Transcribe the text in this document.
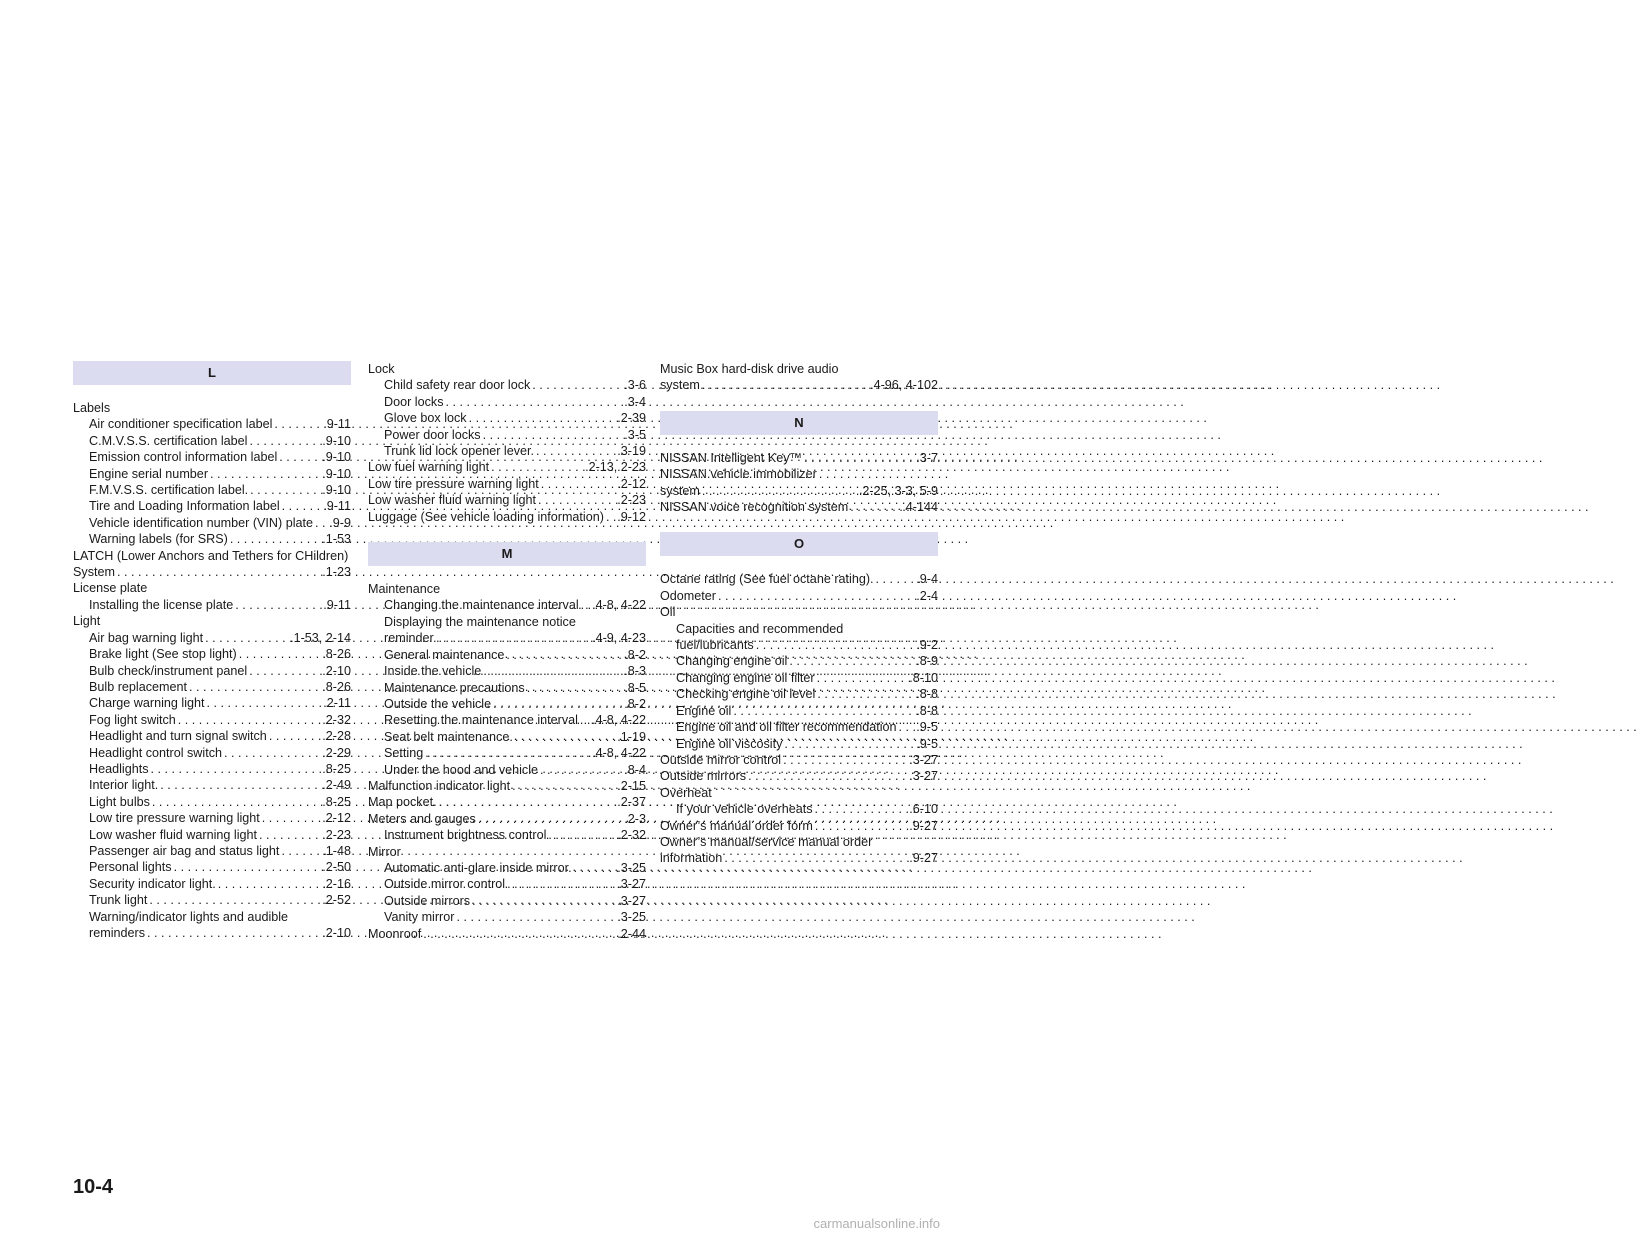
L
Labels
Air conditioner specification label . . .	.9-11
C.M.V.S.S. certification label . . .	.9-10
Emission control information label . . .	.9-10
Engine serial number . . .	.9-10
F.M.V.S.S. certification label. . . .	.9-10
Tire and Loading Information label . . .	.9-11
Vehicle identification number (VIN) plate . . . .9-9
Warning labels (for SRS) . . .	.1-53
LATCH (Lower Anchors and Tethers for CHildren)
System . . .	.1-23
License plate
Installing the license plate . . .	.9-11
Light
Air bag warning light . . .	.1-53, 2-14
Brake light (See stop light) . . .	.8-26
Bulb check/instrument panel . . .	.2-10
Bulb replacement . . .	.8-26
Charge warning light . . .	.2-11
Fog light switch . . .	.2-32
Headlight and turn signal switch . . .	.2-28
Headlight control switch . . .	.2-29
Headlights . . .	.8-25
Interior light. . . .	.2-49
Light bulbs . . .	.8-25
Low tire pressure warning light . . .	.2-12
Low washer fluid warning light . . .	.2-23
Passenger air bag and status light . . .	.1-48
Personal lights . . .	.2-50
Security indicator light. . . .	.2-16
Trunk light . . .	.2-52
Warning/indicator lights and audible
reminders . . .	.2-10
Lock
Child safety rear door lock . . .	.3-6
Door locks . . .	.3-4
Glove box lock . . .	.2-39
Power door locks . . .	.3-5
Trunk lid lock opener lever. . . .	.3-19
Low fuel warning light . . .	.2-13, 2-23
Low tire pressure warning light . . .	.2-12
Low washer fluid warning light . . .	.2-23
Luggage (See vehicle loading information) . . . .9-12
M
Maintenance
Changing the maintenance interval . . . .4-8, 4-22
Displaying the maintenance notice
reminder. . . .	.4-9, 4-23
General maintenance . . .	.8-2
Inside the vehicle . . .	.8-3
Maintenance precautions . . .	.8-5
Outside the vehicle . . .	.8-2
Resetting the maintenance interval . . . .4-8, 4-22
Seat belt maintenance. . . .	.1-19
Setting . . .	.4-8, 4-22
Under the hood and vehicle . . .	.8-4
Malfunction indicator light . . .	.2-15
Map pocket. . . .	.2-37
Meters and gauges . . .	.2-3
Instrument brightness control . . .	.2-32
Mirror
Automatic anti-glare inside mirror. . . .	.3-25
Outside mirror control . . .	.3-27
Outside mirrors . . .	.3-27
Vanity mirror . . .	.3-25
Moonroof . . .	.2-44
Music Box hard-disk drive audio
system . . .	.4-96, 4-102
N
NISSAN Intelligent Key™ . . .	.3-7
NISSAN vehicle immobilizer
system . . .	.2-25, 3-3, 5-9
NISSAN voice recognition system . . .	.4-144
O
Octane rating (See fuel octane rating). . . .	.9-4
Odometer . . .	.2-4
Oil
Capacities and recommended
fuel/lubricants . . .	.9-2
Changing engine oil . . .	.8-9
Changing engine oil filter . . .	.8-10
Checking engine oil level . . .	.8-8
Engine oil . . .	.8-8
Engine oil and oil filter recommendation . . . .9-5
Engine oil viscosity . . .	.9-5
Outside mirror control . . .	.3-27
Outside mirrors . . .	.3-27
Overheat
If your vehicle overheats . . .	.6-10
Owner’s manual order form . . .	.9-27
Owner’s manual/service manual order
information . . .	.9-27
10-4
carmanualsonline.info
